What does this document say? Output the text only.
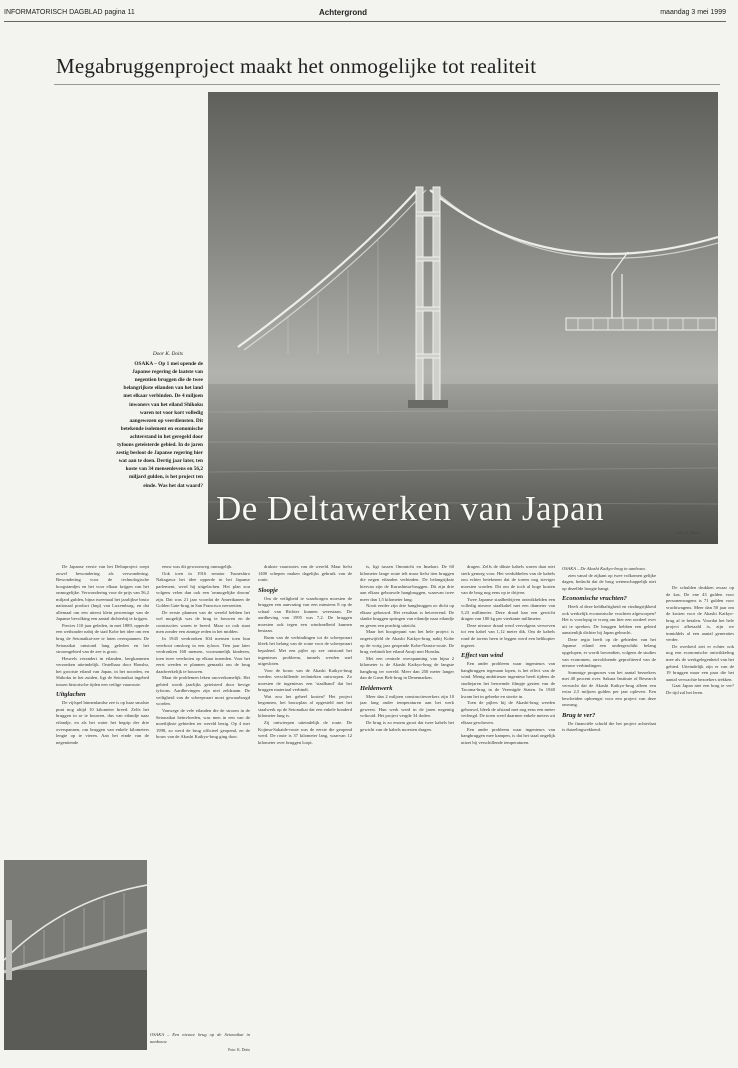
INFORMATORISCH DAGBLAD pagina 11	Achtergrond	maandag 3 mei 1999
Megabruggenproject maakt het onmogelijke tot realiteit
De Deltawerken van Japan
Foto: K. Dotts
Door K. Doits
OSAKA – Op 1 mei opende de Japanse regering de laatste van negentien bruggen die de twee belangrijkste eilanden van het land met elkaar verbinden. De 4 miljoen inwoners van het eiland Shikoku waren tot voor kort volledig aangewezen op veerdiensten. Dit betekende isolement en economische achterstand in het geregeld door tyfoons geteisterde gebied. In de jaren zestig besloot de Japanse regering hier wat aan te doen. Dertig jaar later, ten koste van 34 mensenlevens en 56,2 miljard gulden, is het project ten einde. Was het dat waard?

De Japanse versie van het Deltaproject roept zowel bewondering als verwondering. Bewondering voor de technologische hoogstandjes en het voor elkaar krijgen van het onmogelijke. Verwondering voor de prijs van 56,2 miljard gulden, bijna tweemaal het jaarlijkse bruto nationaal product (bnp) van Luxemburg, en dat allemaal om een uiterst klein percentage van de Japanse bevolking een aantal dichterbij te krijgen.

Precies 110 jaar geleden, in mei 1889, opperde een wethouder nabij de stad Kobe het idee om een brug de Setonaikai-zee te laten overspannen. De Setonaikai ontstond lang geleden en het stroomgebied van de zee is groot.

Heuvels verandert in eilanden, bergkammen verzonken uiteindelijk. Ontelbaar door Honshu, het grootste eiland van Japan, in het noorden, en Shikoku in het zuiden, ligt de Setonaikai ingebed tussen historische tijden een veilige vaarroute.

Uitglachen

De vijfspel binnenlandse zee is op haar smalste punt nog altijd 10 kilometer breed. Zelfs het bruggen in se te bouwen, dus van eilandje naar eilandje, en als het water het begrip der drie overspannen, om bruggen van enkele kilometers lengte op te vieren. Aan het einde van de negentiende

eeuw was dit gewoonweg onmogelijk.

Ook toen in 1916 senator Tsuneshiro Nakagawa het idee opperde in het Japanse parlement, werd hij uitgelachen. Het plan zou volgens velen dan ook een 'onmogelijke droom' zijn. Dat was 21 jaar voordat de Amerikanen de Golden Gate-brug in San Francisco neerzetten.

De eerste plannen van de wereld hebben het wel mogelijk was de brug te bouwen en de constructies waren te breed. Maar zo ook staat men zonder een zinnige reden in het midden.

In 1945 verdronken 304 mensen toen hun veerboot omsloeg in een tyfoon. Tien jaar later verdronken 168 mensen, voornamelijk kinderen, toen twee veerboten op elkaar inrenden. Voor het eerst werden er plannen gemaakt om de brug daadwerkelijk te bouwen.

Maar de problemen leken onoverkomelijk. Het gebied wordt jaarlijks geteisterd door hevige tyfoons. Aardbevingen zijn niet zeldzaam. De veiligheid van de scheepvaart moet gewaarborgd worden.

Vanwege de vele eilanden die de stroom in de Setonaikai beïnvloeden, was men in een van de moeilijkste gebieden ter wereld bezig. Op 4 mei 1998, zo werd de brug officieel geopend, en de bouw van de Akashi Kaikyo-brug ging door.

drukste vaarroutes van de wereld. Maar liefst 1400 schepen maken dagelijks gebruik van de route.

Sloopje

Om de veiligheid te waarborgen moesten de bruggen een aanvaring van een minstens 8 op de schaal van Richter kunnen weerstaan. De aardbeving van 1995 was 7,2. De bruggen moesten ook tegen een windsnelheid kunnen bestaan.

Ruim van de verbindingen tot de scheepvaart bleek het belang van de route voor de scheepvaart bepalend. Met een pijler op zee ontstond het ingenieurs probleem, tunnels werden snel uitgesloten.

Voor de bouw van de Akashi Kaikyo-brug werden verschillende technieken ontworpen. Zo moesten de ingenieurs een 'staalband' dat het bruggen materiaal verbindt.

Wat zou het geheel kosten? Het project begonnen, het bouwplan al opgesteld met het staalwerk op de Setonaikai dat een enkele honderd kilometer lang is.

Zij ontwierpen uiteindelijk de route. De Kojima-Sakaide-route was de eerste die geopend werd. De route is 37 kilometer lang, waarvan 12 kilometer over bruggen loopt.

is, ligt tussen Onomichi en Imabari. De 60 kilometer lange route telt maar liefst tien bruggen die negen eilanden verbinden. De belangrijkste hiervan zijn de Kurushima-bruggen. Dit zijn drie aan elkaar gebouwde hangbruggen, waarvan twee meer dan 1,5 kilometer lang.

Nooit eerder zijn drie hangbruggen zo dicht op elkaar gebouwd. Het resultaat is betoverend. De slanke bruggen springen van eilandje naar eilandje en geven een prachtig uitzicht.

Maar het hoogtepunt van het hele project is ongetwijfeld de Akashi Kaikyo-brug nabij Kobe op de vorig jaar geopende Kobe-Naruto-route. De brug verbindt het eiland Awaji met Honshu.

Met een centrale overspanning van bijna 2 kilometer is de Akashi Kaikyo-brug de langste hangbrug ter wereld. Meer dan 250 meter langer dan de Great Belt-brug in Denemarken.

Heldenwerk

Meer dan 2 miljoen constructiewerkers zijn 10 jaar lang onder temperaturen aan het werk geweest. Hun werk werd in de jaren negentig voltooid. Het project vergde 34 doden.

De brug is zo enorm groot dat twee kabels het gewicht van de kabels moesten dragen.

dragen. Zelfs de dikste kabels waren daar niet sterk genoeg voor. Het verdubbelen van de kabels zou echter betekenen dat de torens nog steviger moesten worden. Dit om de toch al hoge kosten van de brug nog eens op te drijven.

Twee Japanse staalbedrijven ontwikkelden een volledig nieuwe staalkabel met een diameter van 5,23 millimeter. Deze draad kan een gewicht dragen van 180 kg per vierkante millimeter.

Deze nieuwe draad werd vervolgens verweven tot een kabel van 1,12 meter dik. Om de kabels rond de torens heen te leggen werd een helikopter ingezet.

Effect van wind

Een ander probleem waar ingenieurs van hangbruggen tegenaan lopen, is het effect van de wind. Menig ambitieuze ingenieur heeft tijdens de studiejaren het beroemde filmpje gezien van de Tacoma-brug in de Verenigde Staten. In 1940 kwam het in gebreke en stortte in.

Toen de pijlers bij de Akashi-brug werden gebouwd, bleek de afstand met nog eens een meter verlengd. De toren werd daarmee enkele meters uit elkaar geschoven.

Een ander probleem waar ingenieurs van hangbruggen mee kampen, is dat het staal ongelijk uitzet bij verschillende temperaturen.

OSAKA – De Akashi Kaikyo-brug in aanbouw.

zien vanaf de zijkant op twee volkomen gelijke dagen, bedacht dat de brug wetenschappelijk niet op dezelfde hoogte hangt.

Economische vruchten?

Heeft al deze heldhaftigheid en vindingrijkheid ook werkelijk economische vruchten afgeworpen? Het is voorlopig te vroeg om hier een oordeel over uit te spreken. De bruggen hebben een gebied aanzienlijk dichter bij Japan gebracht.

Deze regio heeft op de gebieden van het Japanse eiland een ondergeschikt belang opgelopen, er wordt bovendien, volgens de studies van economen, onvoldoende geprofiteerd van de nieuwe verbindingen.

Sommige prognoses van het aantal bezoekers met 40 procent over. Sakura Institute of Research verwacht dat de Akashi Kaikyo-brug alleen een extra 2,5 miljoen gulden per jaar oplevert. Een bescheiden opbrengst voor een project van deze omvang.

Brug te ver?

De financiële schuld die het project achterlaat is duizelingwekkend.

De schulden drukken zwaar op de kas. De ene 43 gulden voor personenwagens is 71 gulden voor vrachtwagens. Meer dan 50 jaar om de kosten voor de Akashi Kaikyo-brug af te betalen. Voordat het hele project afbetaald is, zijn we inmiddels al een aantal generaties verder.

De overheid ziet er echter ook nog een economische ontwikkeling mee als de werkgelegenheid van het gebied. Uiteindelijk zijn er van de 19 bruggen maar een paar die het aantal verwachte bezoekers trekken.

Gaat Japan niet een brug te ver? De tijd zal het leren.

OSAKA – Een nieuwe brug op de Setonaikai in aanbouw.
Foto: K. Dotts
